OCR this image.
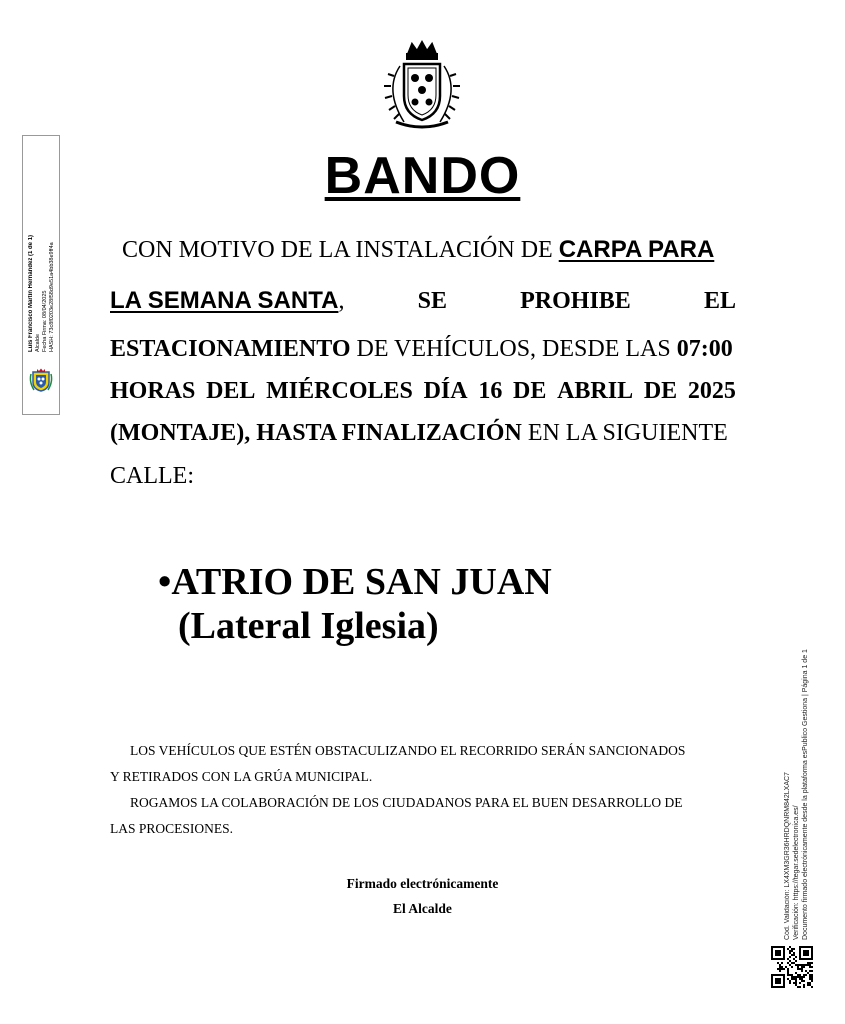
BANDO
CON MOTIVO DE LA INSTALACIÓN DE CARPA PARA
LA SEMANA SANTA,	SE	PROHIBE	EL
ESTACIONAMIENTO DE VEHÍCULOS, DESDE LAS 07:00
HORAS DEL MIÉRCOLES DÍA 16 DE ABRIL DE 2025
(MONTAJE), HASTA FINALIZACIÓN EN LA SIGUIENTE
CALLE:
•ATRIO DE SAN JUAN
(Lateral Iglesia)
LOS VEHÍCULOS QUE ESTÉN OBSTACULIZANDO EL RECORRIDO SERÁN SANCIONADOS
Y RETIRADOS CON LA GRÚA MUNICIPAL.
ROGAMOS LA COLABORACIÓN DE LOS CIUDADANOS PARA EL BUEN DESARROLLO DE
LAS PROCESIONES.
Firmado electrónicamente
El Alcalde
Luis Francisco Martín Hernández (1 de 1) Alcalde Fecha Firma: 08/04/2025 HASH: 73c8f0203e28f58d9e51a4bb38e9ff4a
Cód. Validación: LX4XM3GR36HRDQNRM842LXAC7 Verificación: https://tegar.sedelectronica.es/ Documento firmado electrónicamente desde la plataforma esPublico Gestiona | Página 1 de 1
